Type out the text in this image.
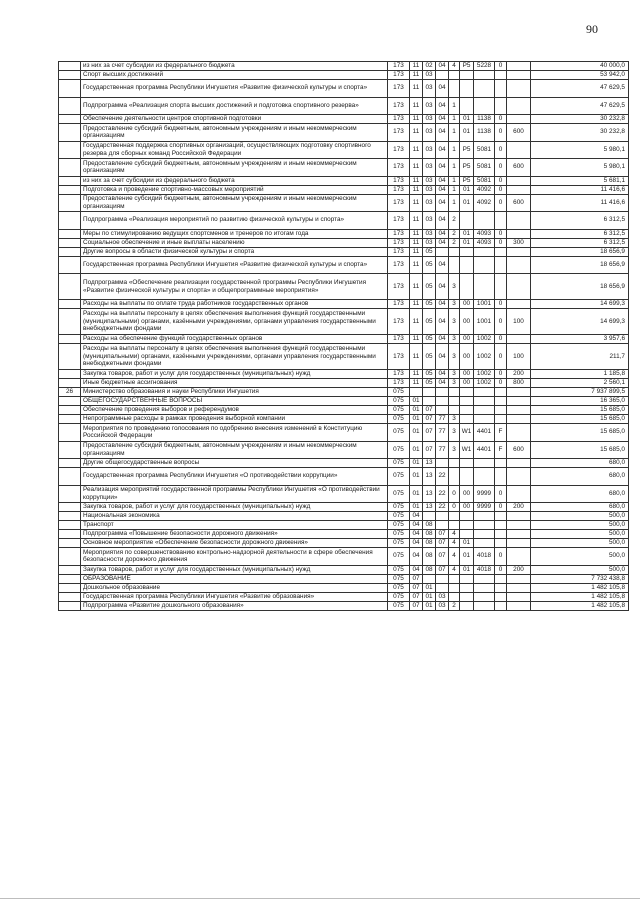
90
	из них за счет субсидии из федерального бюджета	173	11	02	04	4	P5	5228	0		40 000,0
	Спорт высших достижений	173	11	03							53 942,0
	Государственная программа Республики Ингушетия «Развитие физической культуры и спорта»	173	11	03	04						47 629,5
	Подпрограмма «Реализация спорта высших достижений и подготовка спортивного резерва»	173	11	03	04	1					47 629,5
	Обеспечение деятельности центров спортивной подготовки	173	11	03	04	1	01	1138	0		30 232,8
	Предоставление субсидий бюджетным, автономным учреждениям и иным некоммерческим организациям	173	11	03	04	1	01	1138	0	600	30 232,8
	Государственная поддержка спортивных организаций, осуществляющих подготовку спортивного резерва для сборных команд Российской Федерации	173	11	03	04	1	P5	5081	0		5 980,1
	Предоставление субсидий бюджетным, автономным учреждениям и иным некоммерческим организациям	173	11	03	04	1	P5	5081	0	600	5 980,1
	из них за счет субсидии из федерального бюджета	173	11	03	04	1	P5	5081	0		5 681,1
	Подготовка и проведение спортивно-массовых мероприятий	173	11	03	04	1	01	4092	0		11 416,6
	Предоставление субсидий бюджетным, автономным учреждениям и иным некоммерческим организациям	173	11	03	04	1	01	4092	0	600	11 416,6
	Подпрограмма «Реализация мероприятий по развитию физической культуры и спорта»	173	11	03	04	2					6 312,5
	Меры по стимулированию ведущих спортсменов и тренеров по итогам года	173	11	03	04	2	01	4093	0		6 312,5
	Социальное обеспечение и иные выплаты населению	173	11	03	04	2	01	4093	0	300	6 312,5
	Другие вопросы в области физической культуры и спорта	173	11	05							18 656,9
	Государственная программа Республики Ингушетия «Развитие физической культуры и спорта»	173	11	05	04						18 656,9
	Подпрограмма «Обеспечение реализации государственной программы Республики Ингушетия «Развитие физической культуры и спорта» и общепрограммные мероприятия»	173	11	05	04	3					18 656,9
	Расходы на выплаты по оплате труда работников государственных органов	173	11	05	04	3	00	1001	0		14 699,3
	Расходы на выплаты персоналу в целях обеспечения выполнения функций государственными (муниципальными) органами, казёнными учреждениями, органами управления государственными внебюджетными фондами	173	11	05	04	3	00	1001	0	100	14 699,3
	Расходы на обеспечение функций государственных органов	173	11	05	04	3	00	1002	0		3 957,6
	Расходы на выплаты персоналу в целях обеспечения выполнения функций государственными (муниципальными) органами, казёнными учреждениями, органами управления государственными внебюджетными фондами	173	11	05	04	3	00	1002	0	100	211,7
	Закупка товаров, работ и услуг для государственных (муниципальных) нужд	173	11	05	04	3	00	1002	0	200	1 185,8
	Иные бюджетные ассигнования	173	11	05	04	3	00	1002	0	800	2 560,1
26	Министерство образования и науки Республики Ингушетия	075									7 937 899,5
	ОБЩЕГОСУДАРСТВЕННЫЕ ВОПРОСЫ	075	01								16 365,0
	Обеспечение проведения выборов и референдумов	075	01	07							15 685,0
	Непрограммные расходы в рамках проведения выборной компании	075	01	07	77	3					15 685,0
	Мероприятия по проведению голосования по одобрению внесения изменений в Конституцию Российской Федерации	075	01	07	77	3	W1	4401	F		15 685,0
	Предоставление субсидий бюджетным, автономным учреждениям и иным некоммерческим организациям	075	01	07	77	3	W1	4401	F	600	15 685,0
	Другие общегосударственные вопросы	075	01	13							680,0
	Государственная программа Республики Ингушетия «О противодействии коррупции»	075	01	13	22						680,0
	Реализация мероприятий государственной программы Республики Ингушетия «О противодействии коррупции»	075	01	13	22	0	00	9999	0		680,0
	Закупка товаров, работ и услуг для государственных (муниципальных) нужд	075	01	13	22	0	00	9999	0	200	680,0
	Национальная экономика	075	04								500,0
	Транспорт	075	04	08							500,0
	Подпрограмма «Повышение безопасности дорожного движения»	075	04	08	07	4					500,0
	Основное мероприятие «Обеспечение безопасности дорожного движения»	075	04	08	07	4	01				500,0
	Мероприятия по совершенствованию контрольно-надзорной деятельности в сфере обеспечения безопасности дорожного движения	075	04	08	07	4	01	4018	0		500,0
	Закупка товаров, работ и услуг для государственных (муниципальных) нужд	075	04	08	07	4	01	4018	0	200	500,0
	ОБРАЗОВАНИЕ	075	07								7 732 438,8
	Дошкольное образование	075	07	01							1 482 105,8
	Государственная программа Республики Ингушетия «Развитие образования»	075	07	01	03						1 482 105,8
	Подпрограмма «Развитие дошкольного образования»	075	07	01	03	2					1 482 105,8
